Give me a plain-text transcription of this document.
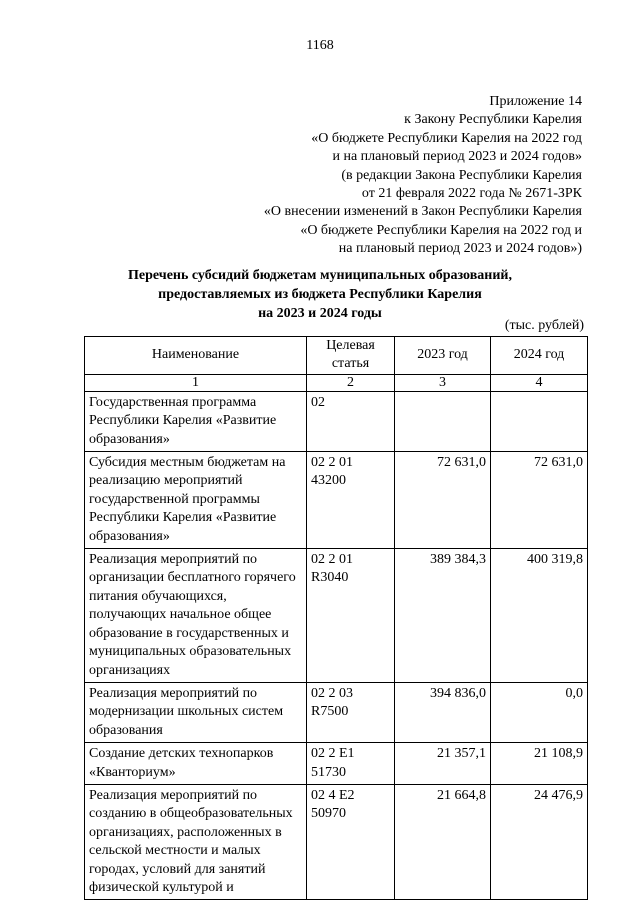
1168
Приложение 14
к Закону Республики Карелия
«О бюджете Республики Карелия на 2022 год
и на плановый период 2023 и 2024 годов»
(в редакции Закона Республики Карелия
от 21 февраля 2022 года № 2671-ЗРК
«О внесении изменений в Закон Республики Карелия
«О бюджете Республики Карелия на 2022 год и
на плановый период 2023 и 2024 годов»)
Перечень субсидий бюджетам муниципальных образований,
предоставляемых из бюджета Республики Карелия
на 2023 и 2024 годы
(тыс. рублей)
Наименование	Целевая статья	2023 год	2024 год
1	2	3	4
Государственная программа Республики Карелия «Развитие образования»	02		
Субсидия местным бюджетам на реализацию мероприятий государственной программы Республики Карелия «Развитие образования»	02 2 01 43200	72 631,0	72 631,0
Реализация мероприятий по организации бесплатного горячего питания обучающихся, получающих начальное общее образование в государственных и муниципальных образовательных организациях	02 2 01 R3040	389 384,3	400 319,8
Реализация мероприятий по модернизации школьных систем образования	02 2 03 R7500	394 836,0	0,0
Создание детских технопарков «Кванториум»	02 2 E1 51730	21 357,1	21 108,9
Реализация мероприятий по созданию в общеобразовательных организациях, расположенных в сельской местности и малых городах, условий для занятий физической культурой и	02 4 E2 50970	21 664,8	24 476,9
